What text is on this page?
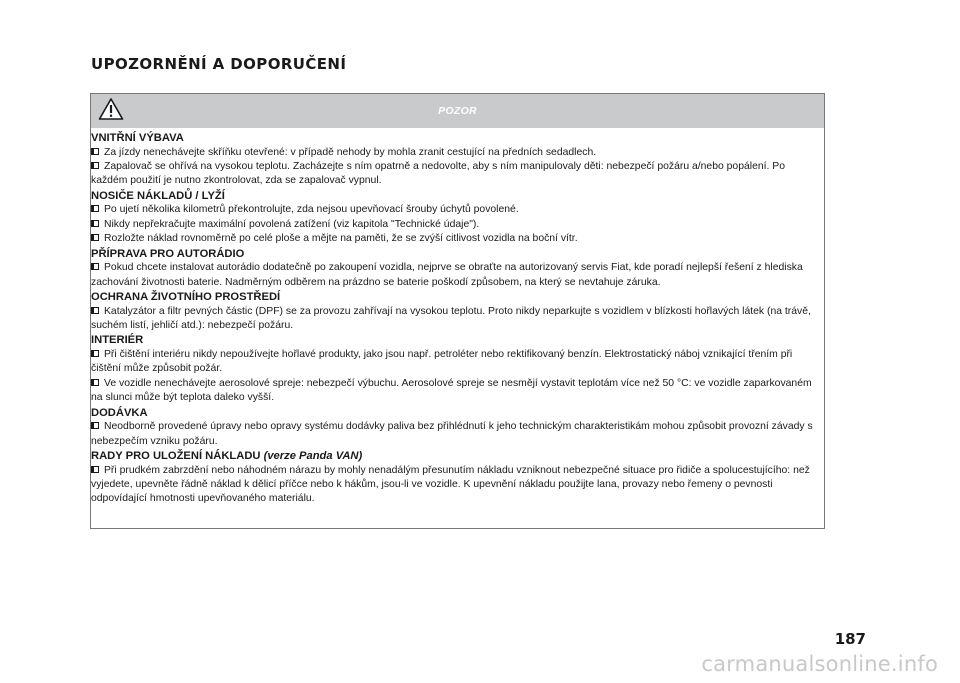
UPOZORNĚNÍ A DOPORUČENÍ
POZOR
VNITŘNÍ VÝBAVA

Za jízdy nenechávejte skříňku otevřené: v případě nehody by mohla zranit cestující na předních sedadlech.

Zapalovač se ohřívá na vysokou teplotu. Zacházejte s ním opatrně a nedovolte, aby s ním manipulovaly děti: nebezpečí požáru a/nebo popálení. Po každém použití je nutno zkontrolovat, zda se zapalovač vypnul.

NOSIČE NÁKLADŮ / LYŽÍ

Po ujetí několika kilometrů překontrolujte, zda nejsou upevňovací šrouby úchytů povolené.

Nikdy nepřekračujte maximální povolená zatížení (viz kapitola "Technické údaje").

Rozložte náklad rovnoměrně po celé ploše a mějte na paměti, že se zvýší citlivost vozidla na boční vítr.

PŘÍPRAVA PRO AUTORÁDIO

Pokud chcete instalovat autorádio dodatečně po zakoupení vozidla, nejprve se obraťte na autorizovaný servis Fiat, kde poradí nejlepší řešení z hlediska zachování životnosti baterie. Nadměrným odběrem na prázdno se baterie poškodí způsobem, na který se nevtahuje záruka.

OCHRANA ŽIVOTNÍHO PROSTŘEDÍ

Katalyzátor a filtr pevných částic (DPF) se za provozu zahřívají na vysokou teplotu. Proto nikdy neparkujte s vozidlem v blízkosti hořlavých látek (na trávě, suchém listí, jehličí atd.): nebezpečí požáru.

INTERIÉR

Při čištění interiéru nikdy nepoužívejte hořlavé produkty, jako jsou např. petroléter nebo rektifikovaný benzín. Elektrostatický náboj vznikající třením při čištění může způsobit požár.

Ve vozidle nenechávejte aerosolové spreje: nebezpečí výbuchu. Aerosolové spreje se nesmějí vystavit teplotám více než 50 °C: ve vozidle zaparkovaném na slunci může být teplota daleko vyšší.

DODÁVKA

Neodborně provedené úpravy nebo opravy systému dodávky paliva bez přihlédnutí k jeho technickým charakteristikám mohou způsobit provozní závady s nebezpečím vzniku požáru.

RADY PRO ULOŽENÍ NÁKLADU (verze Panda VAN)

Při prudkém zabrzdění nebo náhodném nárazu by mohly nenadálým přesunutím nákladu vzniknout nebezpečné situace pro řidiče a spolucestujícího: než vyjedete, upevněte řádně náklad k dělicí příčce nebo k hákům, jsou-li ve vozidle. K upevnění nákladu použijte lana, provazy nebo řemeny o pevnosti odpovídající hmotnosti upevňovaného materiálu.

187
carmanualsonline.info
